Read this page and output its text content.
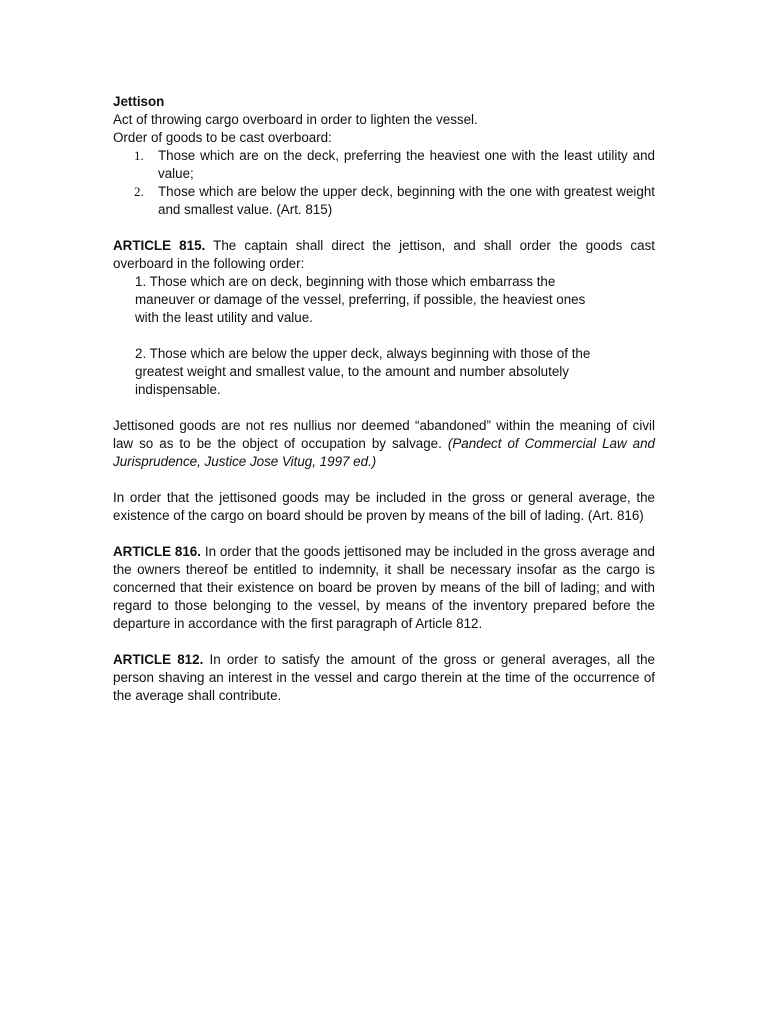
Jettison

Act of throwing cargo overboard in order to lighten the vessel.

Order of goods to be cast overboard:

1. Those which are on the deck, preferring the heaviest one with the least utility and value;
2. Those which are below the upper deck, beginning with the one with greatest weight and smallest value. (Art. 815)

ARTICLE 815. The captain shall direct the jettison, and shall order the goods cast overboard in the following order:

1. Those which are on deck, beginning with those which embarrass the maneuver or damage of the vessel, preferring, if possible, the heaviest ones with the least utility and value.

2. Those which are below the upper deck, always beginning with those of the greatest weight and smallest value, to the amount and number absolutely indispensable.

Jettisoned goods are not res nullius nor deemed “abandoned” within the meaning of civil law so as to be the object of occupation by salvage. (Pandect of Commercial Law and Jurisprudence, Justice Jose Vitug, 1997 ed.)

In order that the jettisoned goods may be included in the gross or general average, the existence of the cargo on board should be proven by means of the bill of lading. (Art. 816)

ARTICLE 816. In order that the goods jettisoned may be included in the gross average and the owners thereof be entitled to indemnity, it shall be necessary insofar as the cargo is concerned that their existence on board be proven by means of the bill of lading; and with regard to those belonging to the vessel, by means of the inventory prepared before the departure in accordance with the first paragraph of Article 812.

ARTICLE 812. In order to satisfy the amount of the gross or general averages, all the person shaving an interest in the vessel and cargo therein at the time of the occurrence of the average shall contribute.
